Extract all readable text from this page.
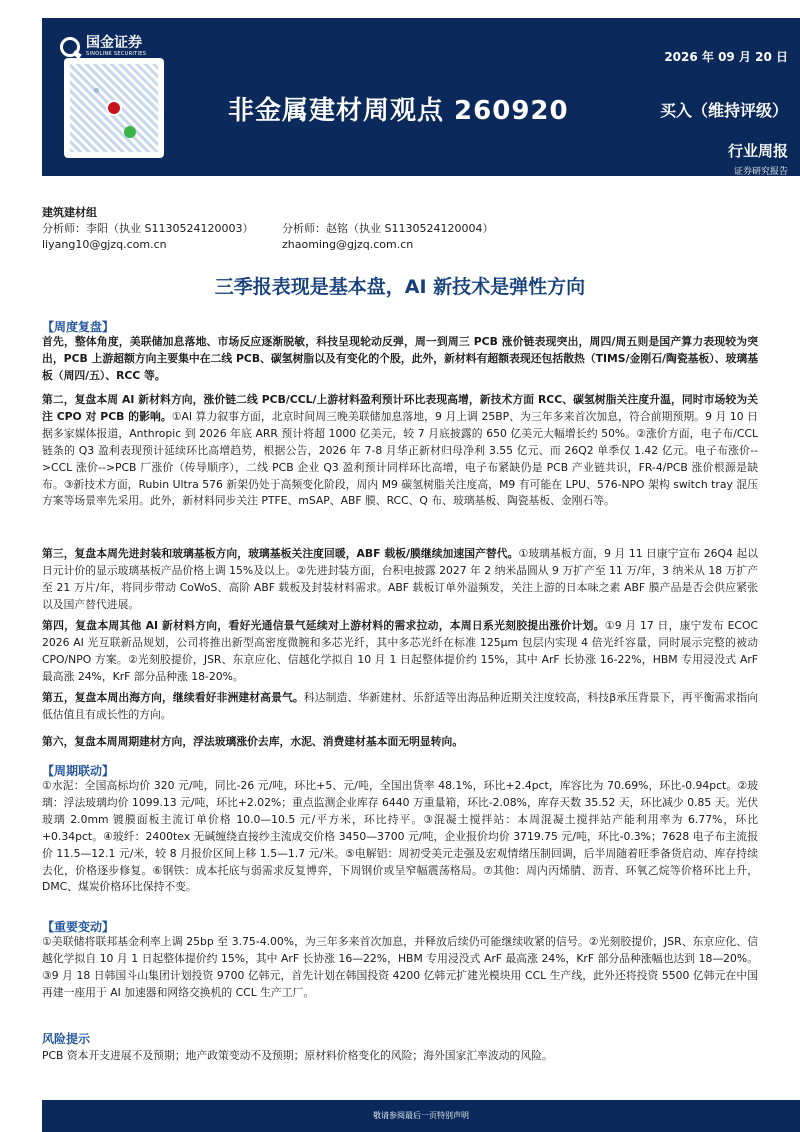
国金证券
SINOLINK SECURITIES	2026 年 09 月 20 日
非金属建材周观点 260920	买入（维持评级）
行业周报
证券研究报告
建筑建材组
分析师：李阳（执业 S1130524120003）	分析师：赵铭（执业 S1130524120004）
liyang10@gjzq.com.cn	zhaoming@gjzq.com.cn
三季报表现是基本盘，AI 新技术是弹性方向
【周度复盘】
首先，整体角度，美联储加息落地、市场反应逐渐脱敏，科技呈现轮动反弹，周一到周三 PCB 涨价链表现突出，周四/周五则是国产算力表现较为突出，PCB 上游超额方向主要集中在二线 PCB、碳氢树脂以及有变化的个股，此外，新材料有超额表现还包括散热（TIMS/金刚石/陶瓷基板）、玻璃基板（周四/五）、RCC 等。
第二，复盘本周 AI 新材料方向，涨价链二线 PCB/CCL/上游材料盈利预计环比表现高增，新技术方面 RCC、碳氢树脂关注度升温，同时市场较为关注 CPO 对 PCB 的影响。①AI 算力叙事方面，北京时间周三晚美联储加息落地，9 月上调 25BP、为三年多来首次加息，符合前期预期。9 月 10 日据多家媒体报道，Anthropic 到 2026 年底 ARR 预计将超 1000 亿美元，较 7 月底披露的 650 亿美元大幅增长约 50%。②涨价方面，电子布/CCL 链条的 Q3 盈利表现预计延续环比高增趋势，根据公告，2026 年 7-8 月华正新材归母净利 3.55 亿元、而 26Q2 单季仅 1.42 亿元。电子布涨价-->CCL 涨价-->PCB 厂涨价（传导顺序），二线 PCB 企业 Q3 盈利预计同样环比高增，电子布紧缺仍是 PCB 产业链共识，FR-4/PCB 涨价根源是缺布。③新技术方面，Rubin Ultra 576 新架仍处于高频变化阶段，周内 M9 碳氢树脂关注度高，M9 有可能在 LPU、576-NPO 架构 switch tray 混压方案等场景率先采用。此外，新材料同步关注 PTFE、mSAP、ABF 膜、RCC、Q 布、玻璃基板、陶瓷基板、金刚石等。
第三，复盘本周先进封装和玻璃基板方向，玻璃基板关注度回暖，ABF 载板/膜继续加速国产替代。①玻璃基板方面，9 月 11 日康宁宣布 26Q4 起以日元计价的显示玻璃基板产品价格上调 15%及以上。②先进封装方面，台积电披露 2027 年 2 纳米晶圆从 9 万扩产至 11 万/年，3 纳米从 18 万扩产至 21 万片/年，将同步带动 CoWoS、高阶 ABF 载板及封装材料需求。ABF 载板订单外溢频发，关注上游的日本味之素 ABF 膜产品是否会供应紧张以及国产替代进展。
第四，复盘本周其他 AI 新材料方向，看好光通信景气延续对上游材料的需求拉动，本周日系光刻胶提出涨价计划。①9 月 17 日，康宁发布 ECOC 2026 AI 光互联新品规划，公司将推出新型高密度微腕和多芯光纤，其中多芯光纤在标准 125μm 包层内实现 4 倍光纤容量，同时展示完整的被动 CPO/NPO 方案。②光刻胶提价，JSR、东京应化、信越化学拟自 10 月 1 日起整体提价约 15%，其中 ArF 长协涨 16-22%，HBM 专用浸没式 ArF 最高涨 24%，KrF 部分品种涨 18-20%。
第五，复盘本周出海方向，继续看好非洲建材高景气。科达制造、华新建材、乐舒适等出海品种近期关注度较高，科技β承压背景下，再平衡需求指向低估值且有成长性的方向。
第六，复盘本周周期建材方向，浮法玻璃涨价去库，水泥、消费建材基本面无明显转向。
【周期联动】
①水泥：全国高标均价 320 元/吨，同比-26 元/吨，环比+5、元/吨，全国出货率 48.1%，环比+2.4pct，库容比为 70.69%，环比-0.94pct。②玻璃：浮法玻璃均价 1099.13 元/吨，环比+2.02%；重点监测企业库存 6440 万重量箱，环比-2.08%，库存天数 35.52 天，环比减少 0.85 天。光伏玻璃 2.0mm 镀膜面板主流订单价格 10.0—10.5 元/平方米，环比持平。③混凝土搅拌站：本周混凝土搅拌站产能利用率为 6.77%，环比+0.34pct。④玻纤：2400tex 无碱缠绕直接纱主流成交价格 3450—3700 元/吨，企业报价均价 3719.75 元/吨，环比-0.3%；7628 电子布主流报价 11.5—12.1 元/米，较 8 月报价区间上移 1.5—1.7 元/米。⑤电解铝：周初受美元走强及宏观情绪压制回调，后半周随着旺季备货启动、库存持续去化，价格逐步修复。⑥钢铁：成本托底与弱需求反复博弈，下周钢价或呈窄幅震荡格局。⑦其他：周内丙烯腈、沥青、环氧乙烷等价格环比上升，DMC、煤炭价格环比保持不变。
【重要变动】
①美联储将联邦基金利率上调 25bp 至 3.75-4.00%，为三年多来首次加息，并释放后续仍可能继续收紧的信号。②光刻胶提价，JSR、东京应化、信越化学拟自 10 月 1 日起整体提价约 15%，其中 ArF 长协涨 16—22%，HBM 专用浸没式 ArF 最高涨 24%，KrF 部分品种涨幅也达到 18—20%。③9 月 18 日韩国斗山集团计划投资 9700 亿韩元，首先计划在韩国投资 4200 亿韩元扩建光模块用 CCL 生产线，此外还将投资 5500 亿韩元在中国再建一座用于 AI 加速器和网络交换机的 CCL 生产工厂。
风险提示
PCB 资本开支进展不及预期；地产政策变动不及预期；原材料价格变化的风险；海外国家汇率波动的风险。
敬请参阅最后一页特别声明
